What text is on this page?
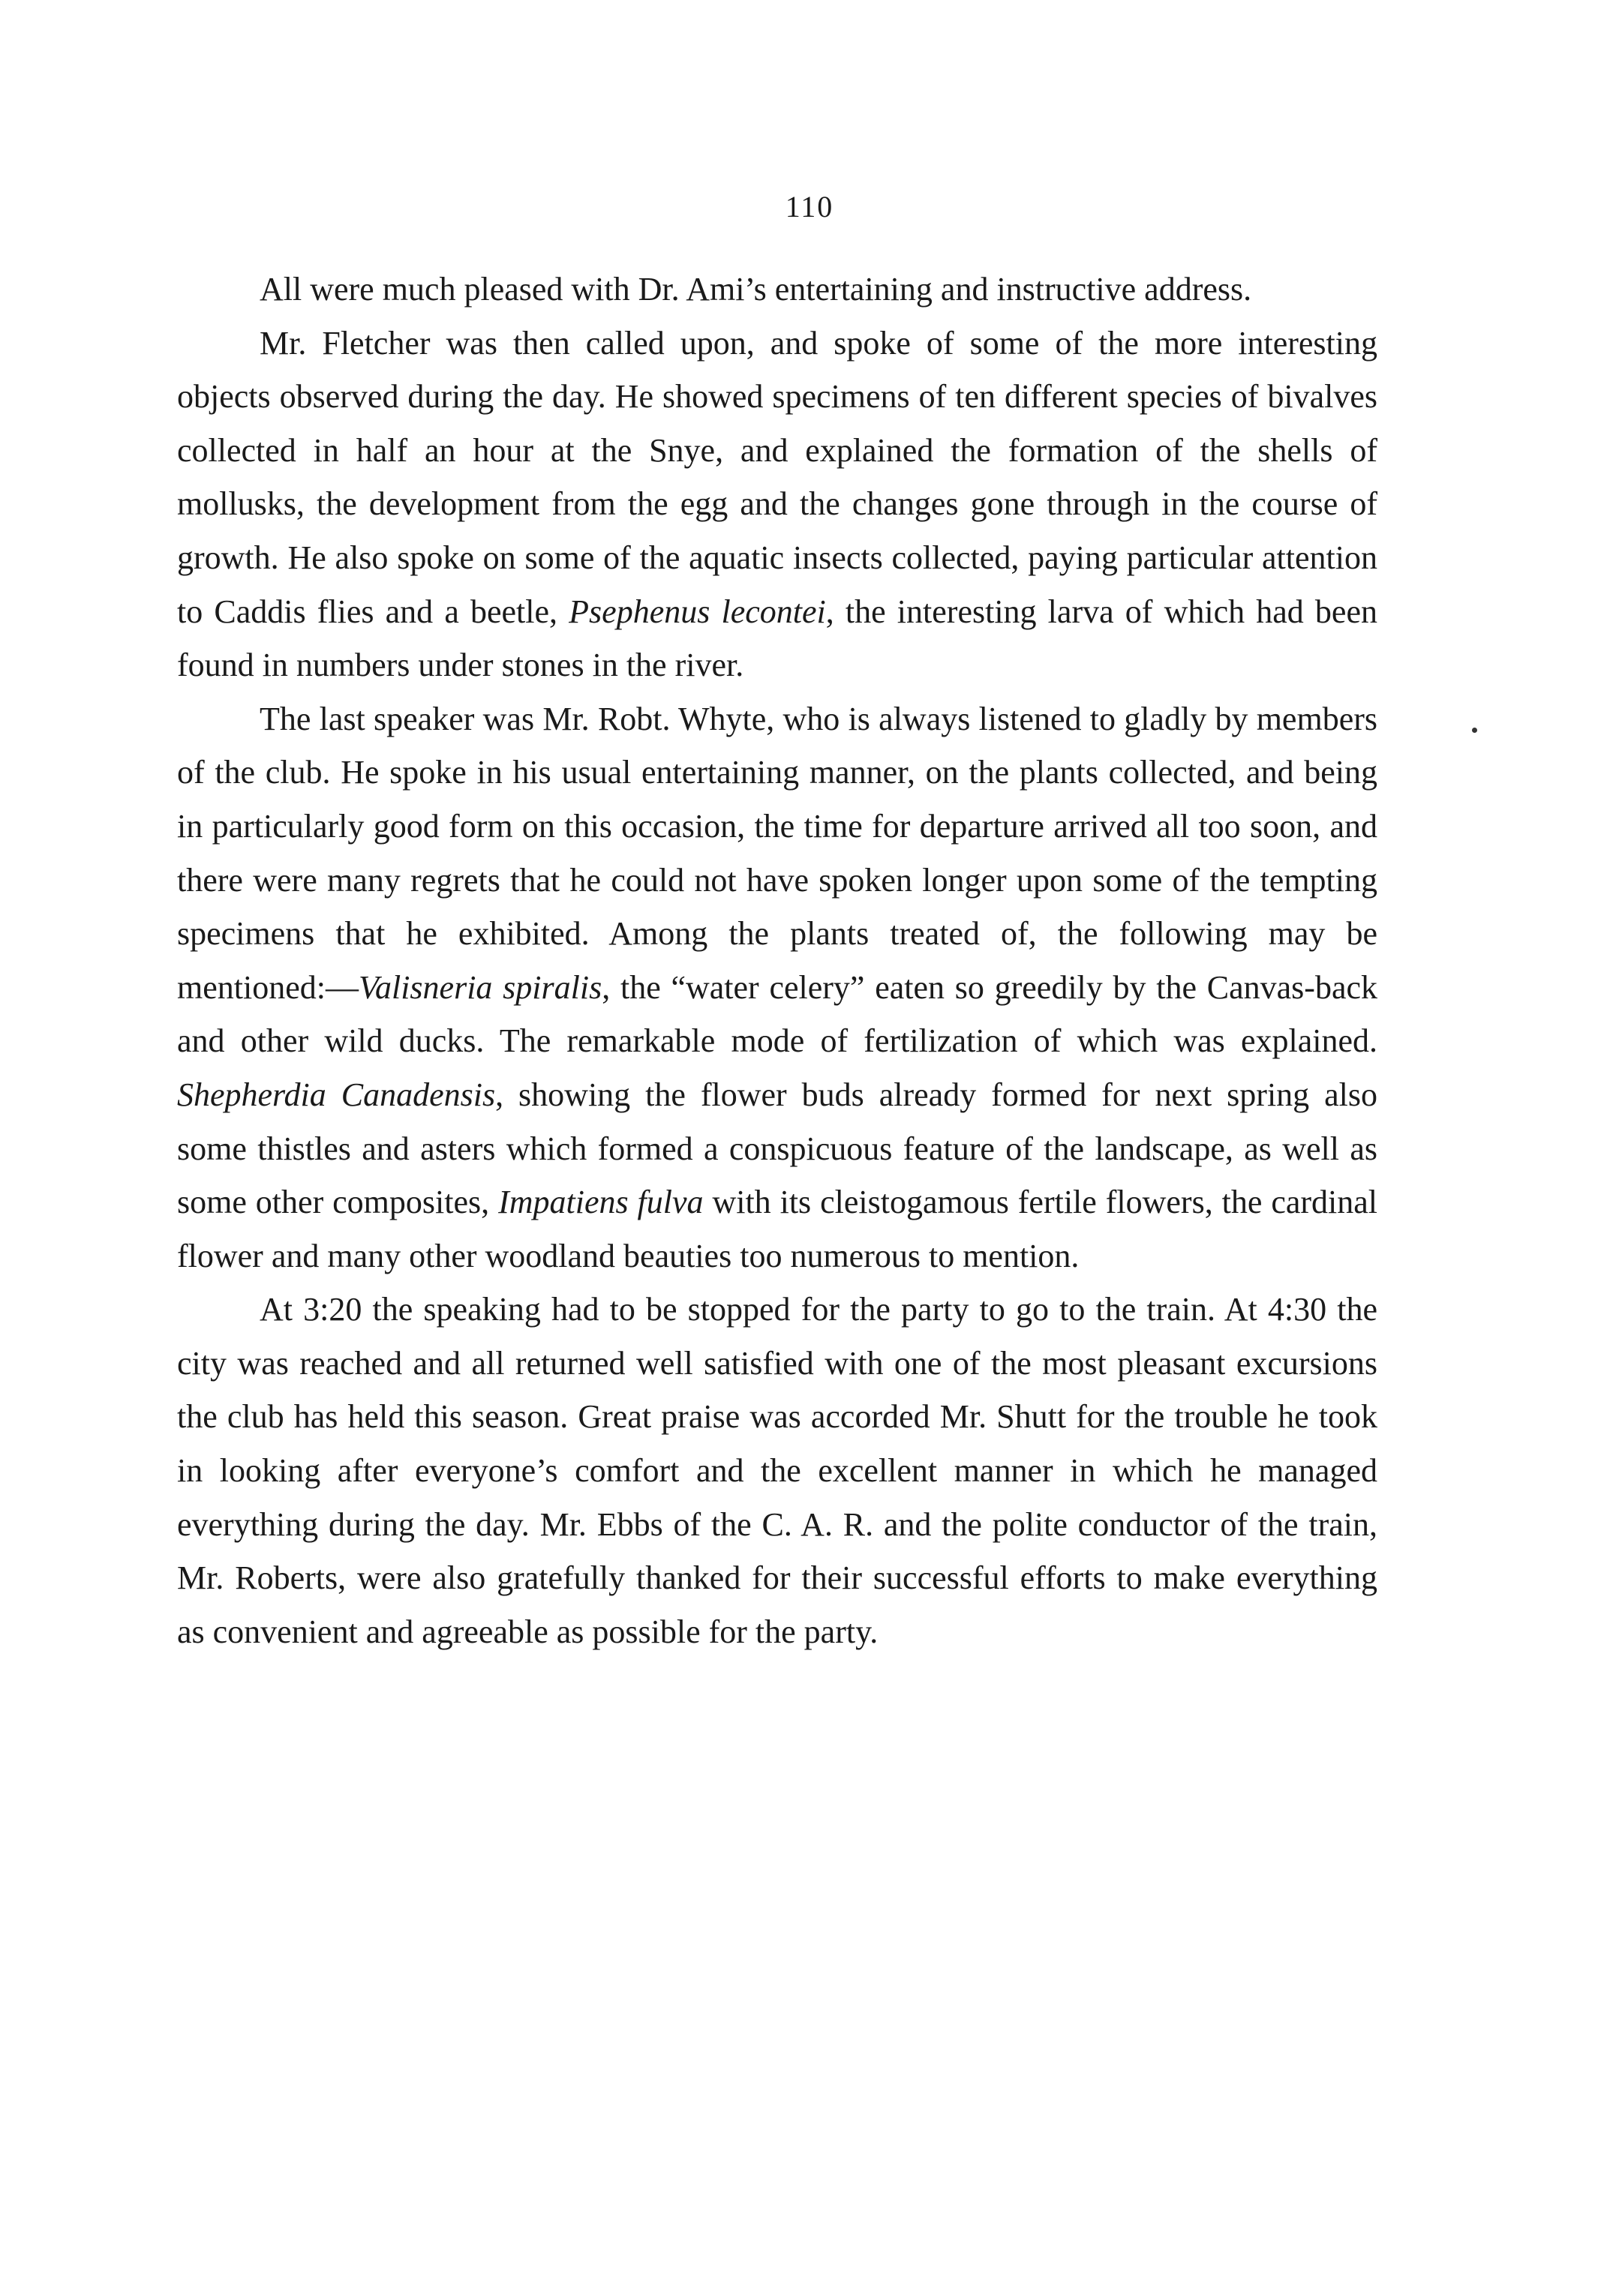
110

All were much pleased with Dr. Ami’s entertaining and instructive address.

Mr. Fletcher was then called upon, and spoke of some of the more interesting objects observed during the day. He showed specimens of ten different species of bivalves collected in half an hour at the Snye, and explained the formation of the shells of mollusks, the development from the egg and the changes gone through in the course of growth. He also spoke on some of the aquatic insects collected, paying particular attention to Caddis flies and a beetle, Psephenus lecontei, the interesting larva of which had been found in numbers under stones in the river.

The last speaker was Mr. Robt. Whyte, who is always listened to gladly by members of the club. He spoke in his usual entertaining manner, on the plants collected, and being in particularly good form on this occasion, the time for departure arrived all too soon, and there were many regrets that he could not have spoken longer upon some of the tempting specimens that he exhibited. Among the plants treated of, the following may be mentioned:—Valisneria spiralis, the “water celery” eaten so greedily by the Canvas-back and other wild ducks. The remarkable mode of fertilization of which was explained. Shepherdia Canadensis, showing the flower buds already formed for next spring also some thistles and asters which formed a conspicuous feature of the landscape, as well as some other composites, Impatiens fulva with its cleistogamous fertile flowers, the cardinal flower and many other woodland beauties too numerous to mention.

At 3:20 the speaking had to be stopped for the party to go to the train. At 4:30 the city was reached and all returned well satisfied with one of the most pleasant excursions the club has held this season. Great praise was accorded Mr. Shutt for the trouble he took in looking after everyone’s comfort and the excellent manner in which he managed everything during the day. Mr. Ebbs of the C. A. R. and the polite conductor of the train, Mr. Roberts, were also gratefully thanked for their successful efforts to make everything as convenient and agreeable as possible for the party.
